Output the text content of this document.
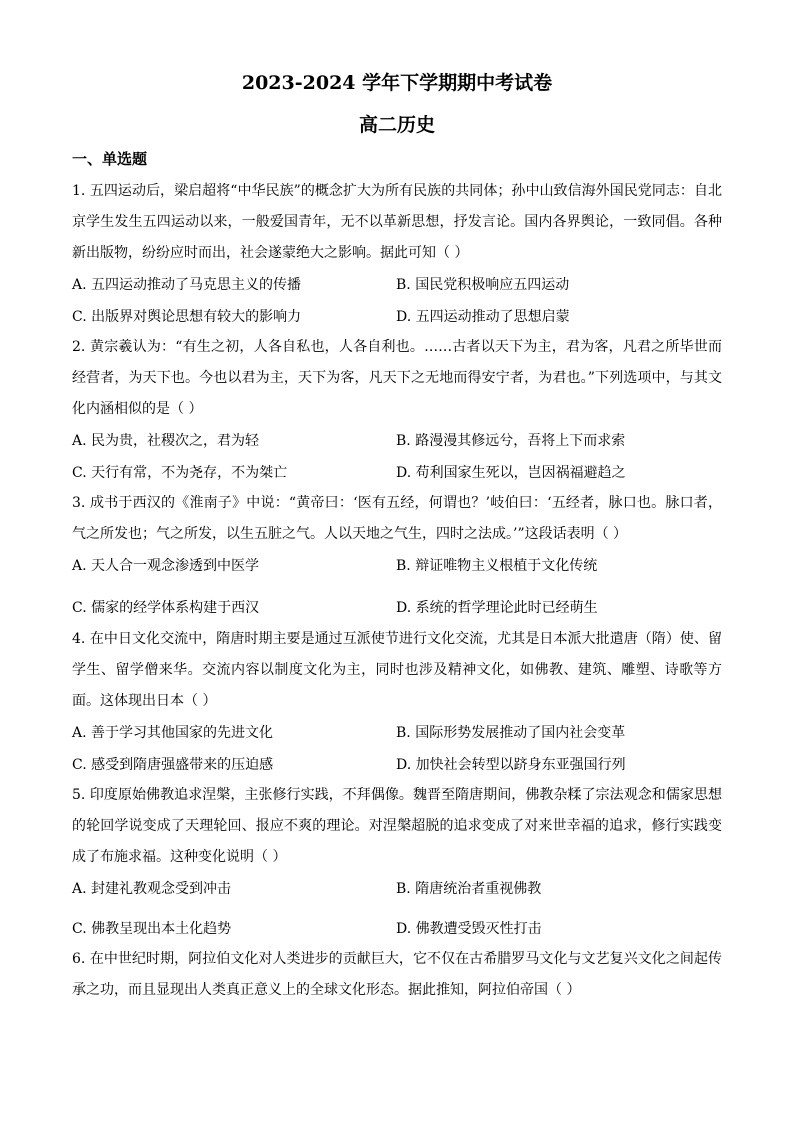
2023-2024 学年下学期期中考试卷
高二历史
一、单选题
1. 五四运动后，梁启超将“中华民族”的概念扩大为所有民族的共同体；孙中山致信海外国民党同志：自北京学生发生五四运动以来，一般爱国青年，无不以革新思想，抒发言论。国内各界舆论，一致同倡。各种新出版物，纷纷应时而出，社会遂蒙绝大之影响。据此可知（ ）
A. 五四运动推动了马克思主义的传播	B. 国民党积极响应五四运动
C. 出版界对舆论思想有较大的影响力	D. 五四运动推动了思想启蒙
2. 黄宗羲认为：“有生之初，人各自私也，人各自利也。……古者以天下为主，君为客，凡君之所毕世而经营者，为天下也。今也以君为主，天下为客，凡天下之无地而得安宁者，为君也。”下列选项中，与其文化内涵相似的是（ ）
A. 民为贵，社稷次之，君为轻	B. 路漫漫其修远兮，吾将上下而求索
C. 天行有常，不为尧存，不为桀亡	D. 苟利国家生死以，岂因祸福避趋之
3. 成书于西汉的《淮南子》中说：“黄帝曰：‘医有五经，何谓也？’岐伯曰：‘五经者，脉口也。脉口者，气之所发也；气之所发，以生五脏之气。人以天地之气生，四时之法成。’”这段话表明（ ）
A. 天人合一观念渗透到中医学	B. 辩证唯物主义根植于文化传统
C. 儒家的经学体系构建于西汉	D. 系统的哲学理论此时已经萌生
4. 在中日文化交流中，隋唐时期主要是通过互派使节进行文化交流，尤其是日本派大批遣唐（隋）使、留学生、留学僧来华。交流内容以制度文化为主，同时也涉及精神文化，如佛教、建筑、雕塑、诗歌等方面。这体现出日本（ ）
A. 善于学习其他国家的先进文化	B. 国际形势发展推动了国内社会变革
C. 感受到隋唐强盛带来的压迫感	D. 加快社会转型以跻身东亚强国行列
5. 印度原始佛教追求涅槃，主张修行实践，不拜偶像。魏晋至隋唐期间，佛教杂糅了宗法观念和儒家思想的轮回学说变成了天理轮回、报应不爽的理论。对涅槃超脱的追求变成了对来世幸福的追求，修行实践变成了布施求福。这种变化说明（ ）
A. 封建礼教观念受到冲击	B. 隋唐统治者重视佛教
C. 佛教呈现出本土化趋势	D. 佛教遭受毁灭性打击
6. 在中世纪时期，阿拉伯文化对人类进步的贡献巨大，它不仅在古希腊罗马文化与文艺复兴文化之间起传承之功，而且显现出人类真正意义上的全球文化形态。据此推知，阿拉伯帝国（ ）
